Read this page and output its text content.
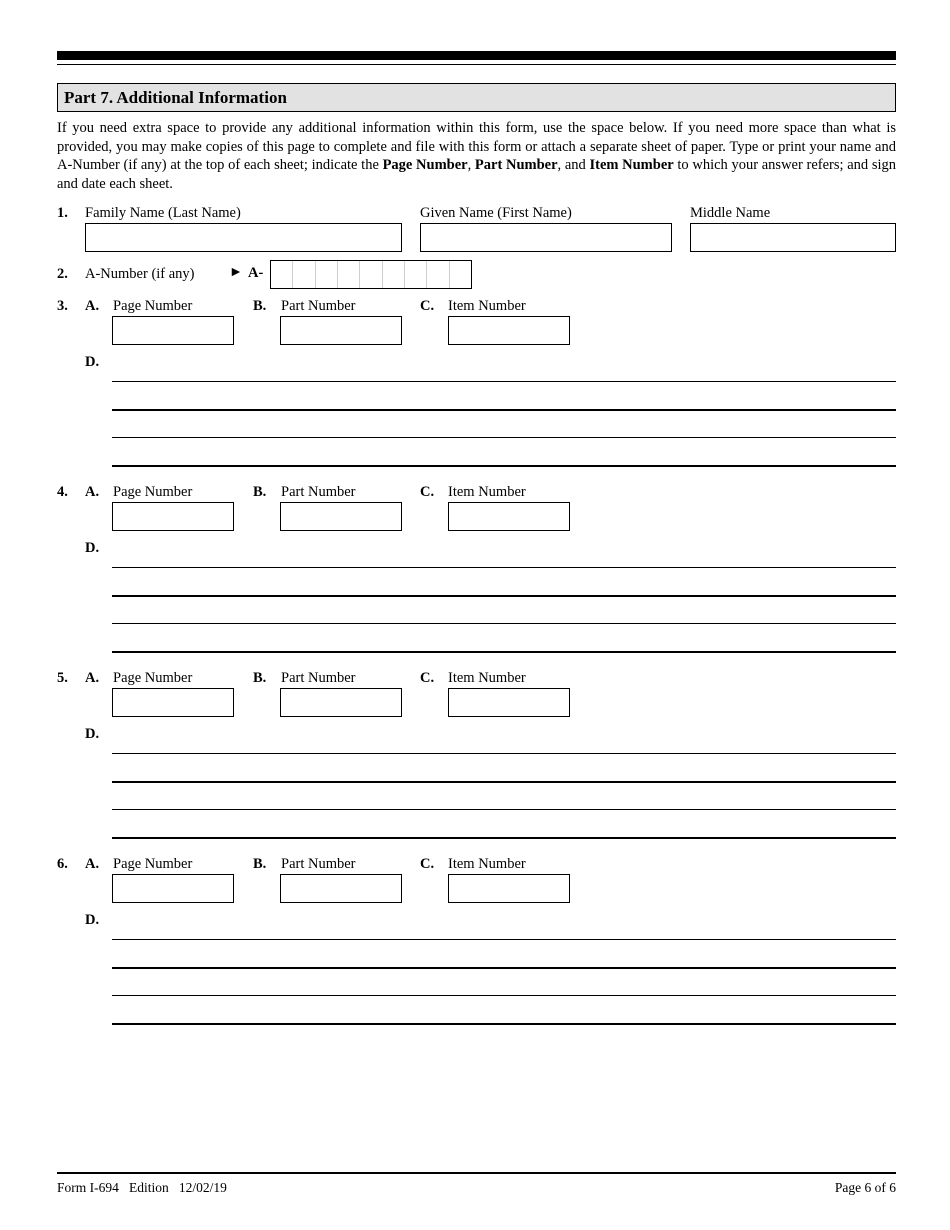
Part 7. Additional Information
If you need extra space to provide any additional information within this form, use the space below. If you need more space than what is provided, you may make copies of this page to complete and file with this form or attach a separate sheet of paper. Type or print your name and A-Number (if any) at the top of each sheet; indicate the Page Number, Part Number, and Item Number to which your answer refers; and sign and date each sheet.
1. Family Name (Last Name)	Given Name (First Name)	Middle Name
2. A-Number (if any) ► A-
3. A. Page Number	B. Part Number	C. Item Number
D.
4. A. Page Number	B. Part Number	C. Item Number
D.
5. A. Page Number	B. Part Number	C. Item Number
D.
6. A. Page Number	B. Part Number	C. Item Number
D.
Form I-694   Edition   12/02/19	Page 6 of 6
